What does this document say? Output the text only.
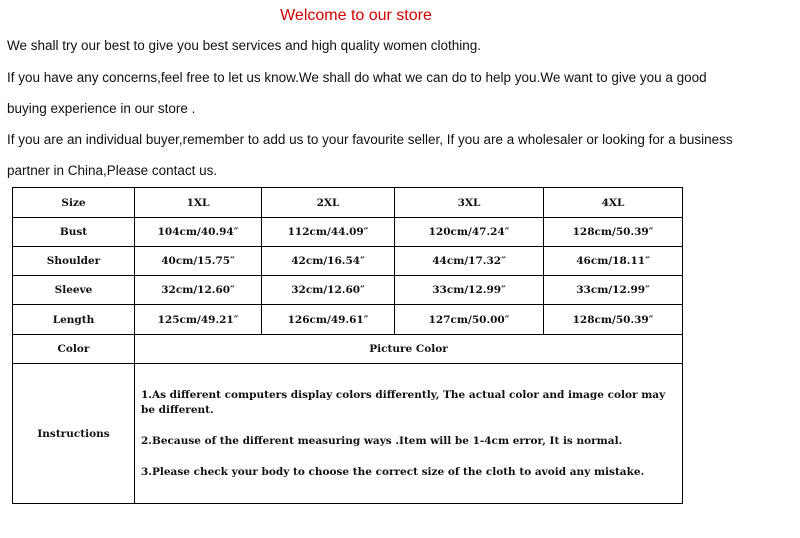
Welcome to our store
We shall try our best to give you best services and high quality women clothing.
If you have any concerns,feel free to let us know.We shall do what we can do to help you.We want to give you a good
buying experience in our store .
If you are an individual buyer,remember to add us to your favourite seller, If you are a wholesaler or looking for a business
partner in China,Please contact us.
Size	1XL	2XL	3XL	4XL
Bust	104cm/40.94″	112cm/44.09″	120cm/47.24″	128cm/50.39″
Shoulder	40cm/15.75″	42cm/16.54″	44cm/17.32″	46cm/18.11″
Sleeve	32cm/12.60″	32cm/12.60″	33cm/12.99″	33cm/12.99″
Length	125cm/49.21″	126cm/49.61″	127cm/50.00″	128cm/50.39″
Color	Picture Color			
Instructions	1.As different computers display colors differently, The actual color and image color may be different.

2.Because of the different measuring ways .Item will be 1-4cm error, It is normal.

3.Please check your body to choose the correct size of the cloth to avoid any mistake.			
